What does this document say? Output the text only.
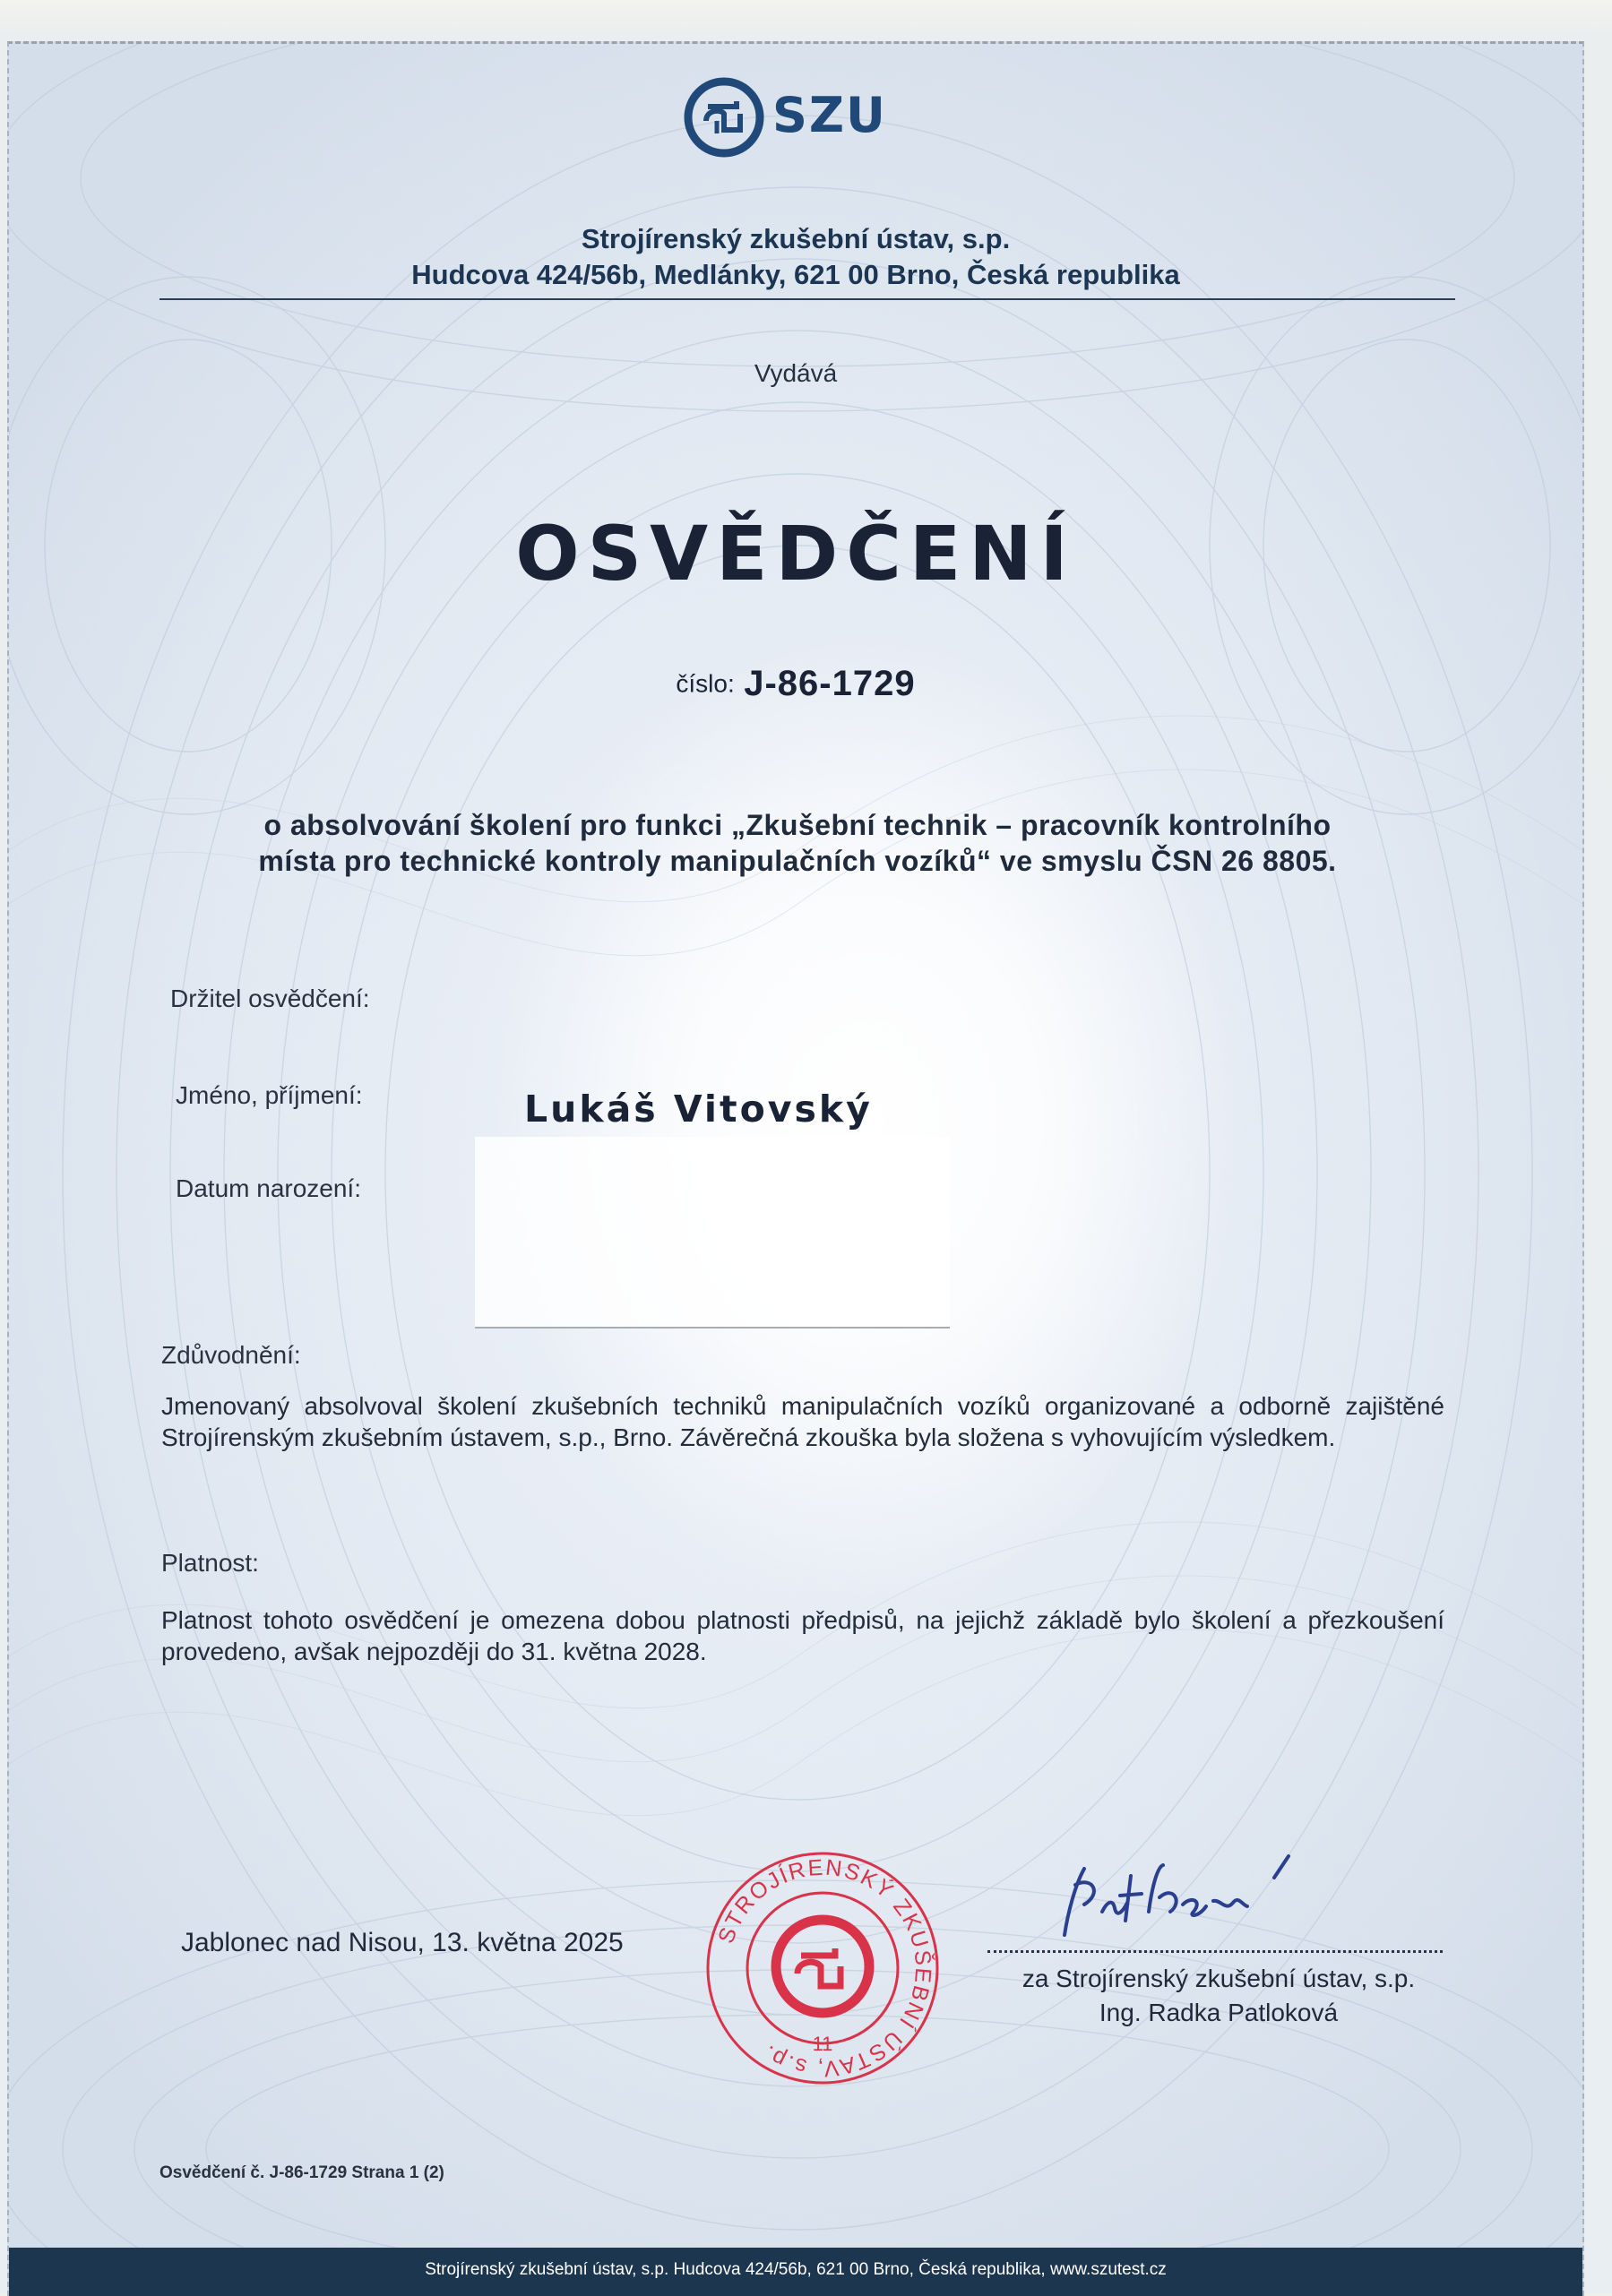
SZU
Strojírenský zkušební ústav, s.p.
Hudcova 424/56b, Medlánky, 621 00 Brno, Česká republika
Vydává
OSVĚDČENÍ
číslo: J-86-1729
o absolvování školení pro funkci „Zkušební technik – pracovník kontrolního
místa pro technické kontroly manipulačních vozíků“ ve smyslu ČSN 26 8805.
Držitel osvědčení:
Jméno, příjmení:	Lukáš Vitovský
Datum narození:
Zdůvodnění:
Jmenovaný absolvoval školení zkušebních techniků manipulačních vozíků organizované a odborně zajištěné Strojírenským zkušebním ústavem, s.p., Brno. Závěrečná zkouška byla složena s vyhovujícím výsledkem.
Platnost:
Platnost tohoto osvědčení je omezena dobou platnosti předpisů, na jejichž základě bylo školení a přezkoušení provedeno, avšak nejpozději do 31. května 2028.
Jablonec nad Nisou, 13. května 2025	STROJÍRENSKÝ ZKUŠEBNÍ ÚSTAV, s.p.	11
za Strojírenský zkušební ústav, s.p.
Ing. Radka Patloková
Osvědčení č. J-86-1729 Strana 1 (2)
Strojírenský zkušební ústav, s.p. Hudcova 424/56b, 621 00 Brno, Česká republika, www.szutest.cz
